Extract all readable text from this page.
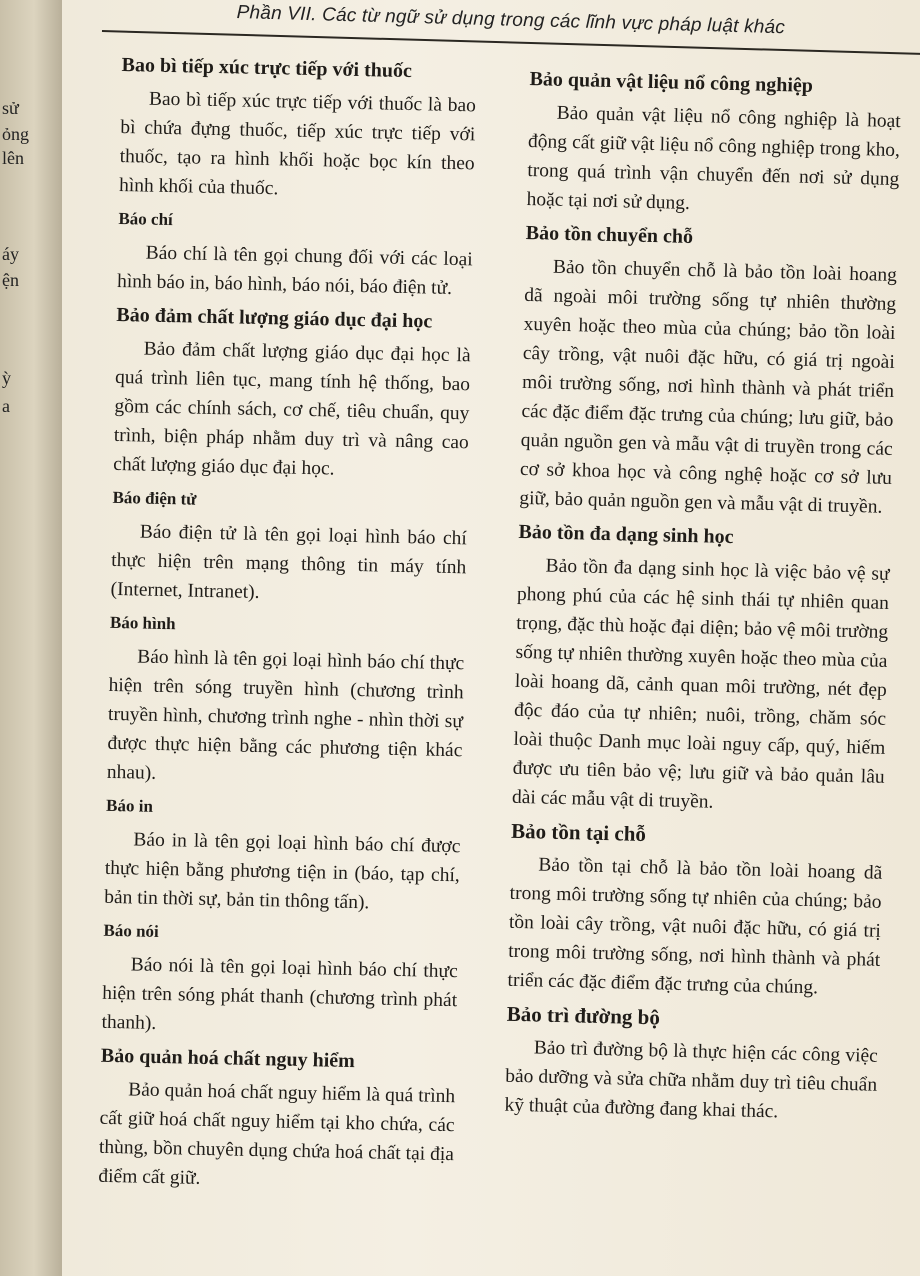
sử
ỏng
lên
áy
ện
ỳ
a
Phần VII. Các từ ngữ sử dụng trong các lĩnh vực pháp luật khác
Bao bì tiếp xúc trực tiếp với thuốc

Bao bì tiếp xúc trực tiếp với thuốc là bao bì chứa đựng thuốc, tiếp xúc trực tiếp với thuốc, tạo ra hình khối hoặc bọc kín theo hình khối của thuốc.

Báo chí

Báo chí là tên gọi chung đối với các loại hình báo in, báo hình, báo nói, báo điện tử.

Bảo đảm chất lượng giáo dục đại học

Bảo đảm chất lượng giáo dục đại học là quá trình liên tục, mang tính hệ thống, bao gồm các chính sách, cơ chế, tiêu chuẩn, quy trình, biện pháp nhằm duy trì và nâng cao chất lượng giáo dục đại học.

Báo điện tử

Báo điện tử là tên gọi loại hình báo chí thực hiện trên mạng thông tin máy tính (Internet, Intranet).

Báo hình

Báo hình là tên gọi loại hình báo chí thực hiện trên sóng truyền hình (chương trình truyền hình, chương trình nghe - nhìn thời sự được thực hiện bằng các phương tiện khác nhau).

Báo in

Báo in là tên gọi loại hình báo chí được thực hiện bằng phương tiện in (báo, tạp chí, bản tin thời sự, bản tin thông tấn).

Báo nói

Báo nói là tên gọi loại hình báo chí thực hiện trên sóng phát thanh (chương trình phát thanh).

Bảo quản hoá chất nguy hiểm

Bảo quản hoá chất nguy hiểm là quá trình cất giữ hoá chất nguy hiểm tại kho chứa, các thùng, bồn chuyên dụng chứa hoá chất tại địa điểm cất giữ.

Bảo quản vật liệu nổ công nghiệp

Bảo quản vật liệu nổ công nghiệp là hoạt động cất giữ vật liệu nổ công nghiệp trong kho, trong quá trình vận chuyển đến nơi sử dụng hoặc tại nơi sử dụng.

Bảo tồn chuyển chỗ

Bảo tồn chuyển chỗ là bảo tồn loài hoang dã ngoài môi trường sống tự nhiên thường xuyên hoặc theo mùa của chúng; bảo tồn loài cây trồng, vật nuôi đặc hữu, có giá trị ngoài môi trường sống, nơi hình thành và phát triển các đặc điểm đặc trưng của chúng; lưu giữ, bảo quản nguồn gen và mẫu vật di truyền trong các cơ sở khoa học và công nghệ hoặc cơ sở lưu giữ, bảo quản nguồn gen và mẫu vật di truyền.

Bảo tồn đa dạng sinh học

Bảo tồn đa dạng sinh học là việc bảo vệ sự phong phú của các hệ sinh thái tự nhiên quan trọng, đặc thù hoặc đại diện; bảo vệ môi trường sống tự nhiên thường xuyên hoặc theo mùa của loài hoang dã, cảnh quan môi trường, nét đẹp độc đáo của tự nhiên; nuôi, trồng, chăm sóc loài thuộc Danh mục loài nguy cấp, quý, hiếm được ưu tiên bảo vệ; lưu giữ và bảo quản lâu dài các mẫu vật di truyền.

Bảo tồn tại chỗ

Bảo tồn tại chỗ là bảo tồn loài hoang dã trong môi trường sống tự nhiên của chúng; bảo tồn loài cây trồng, vật nuôi đặc hữu, có giá trị trong môi trường sống, nơi hình thành và phát triển các đặc điểm đặc trưng của chúng.

Bảo trì đường bộ

Bảo trì đường bộ là thực hiện các công việc bảo dưỡng và sửa chữa nhằm duy trì tiêu chuẩn kỹ thuật của đường đang khai thác.
